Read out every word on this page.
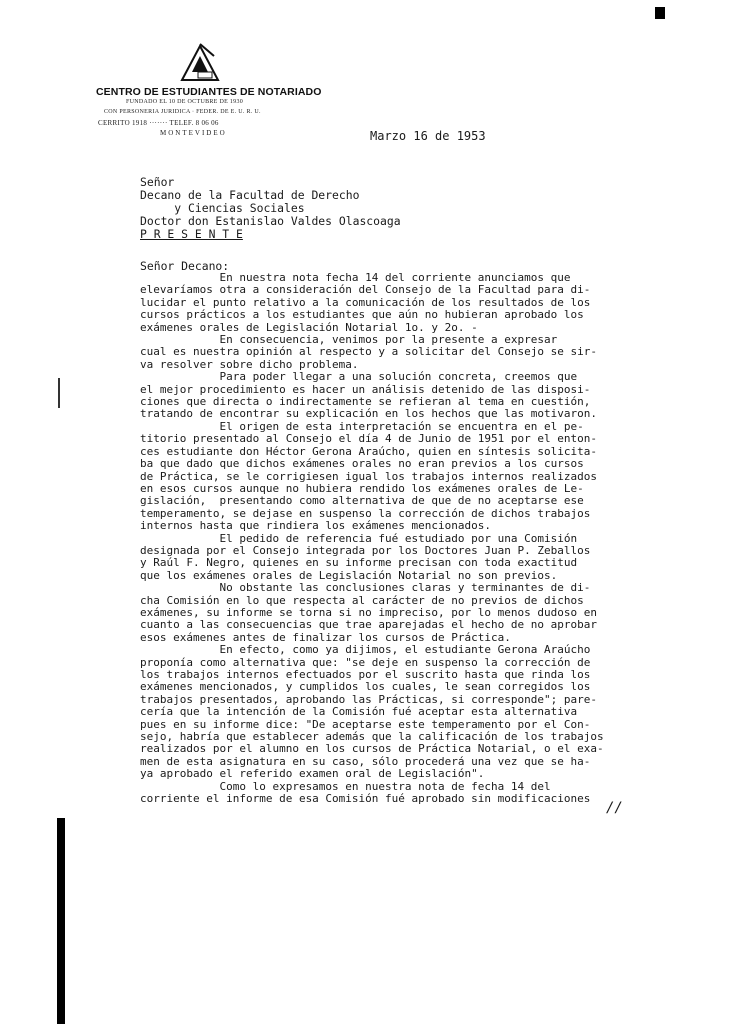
CENTRO DE ESTUDIANTES DE NOTARIADO
FUNDADO EL 10 DE OCTUBRE DE 1930
CON PERSONERIA JURIDICA · FEDER. DE E. U. R. U.
CERRITO 1918 ······· TELEF. 8 06 06
MONTEVIDEO	Marzo 16 de 1953
Señor
Decano de la Facultad de Derecho
y Ciencias Sociales
Doctor don Estanislao Valdes Olascoaga
P R E S E N T E
Señor Decano:

En nuestra nota fecha 14 del corriente anunciamos que

elevaríamos otra a consideración del Consejo de la Facultad para di-

lucidar el punto relativo a la comunicación de los resultados de los

cursos prácticos a los estudiantes que aún no hubieran aprobado los

exámenes orales de Legislación Notarial 1o. y 2o. -

En consecuencia, venimos por la presente a expresar

cual es nuestra opinión al respecto y a solicitar del Consejo se sir-

va resolver sobre dicho problema.

Para poder llegar a una solución concreta, creemos que

el mejor procedimiento es hacer un análisis detenido de las disposi-

ciones que directa o indirectamente se refieran al tema en cuestión,

tratando de encontrar su explicación en los hechos que las motivaron.

El origen de esta interpretación se encuentra en el pe-

titorio presentado al Consejo el día 4 de Junio de 1951 por el enton-

ces estudiante don Héctor Gerona Araúcho, quien en síntesis solicita-

ba que dado que dichos exámenes orales no eran previos a los cursos

de Práctica, se le corrigiesen igual los trabajos internos realizados

en esos cursos aunque no hubiera rendido los exámenes orales de Le-

gislación,  presentando como alternativa de que de no aceptarse ese

temperamento, se dejase en suspenso la corrección de dichos trabajos

internos hasta que rindiera los exámenes mencionados.

El pedido de referencia fué estudiado por una Comisión

designada por el Consejo integrada por los Doctores Juan P. Zeballos

y Raúl F. Negro, quienes en su informe precisan con toda exactitud

que los exámenes orales de Legislación Notarial no son previos.

No obstante las conclusiones claras y terminantes de di-

cha Comisión en lo que respecta al carácter de no previos de dichos

exámenes, su informe se torna si no impreciso, por lo menos dudoso en

cuanto a las consecuencias que trae aparejadas el hecho de no aprobar

esos exámenes antes de finalizar los cursos de Práctica.

En efecto, como ya dijimos, el estudiante Gerona Araúcho

proponía como alternativa que: "se deje en suspenso la corrección de

los trabajos internos efectuados por el suscrito hasta que rinda los

exámenes mencionados, y cumplidos los cuales, le sean corregidos los

trabajos presentados, aprobando las Prácticas, si corresponde"; pare-

cería que la intención de la Comisión fué aceptar esta alternativa

pues en su informe dice: "De aceptarse este temperamento por el Con-

sejo, habría que establecer además que la calificación de los trabajos

realizados por el alumno en los cursos de Práctica Notarial, o el exa-

men de esta asignatura en su caso, sólo procederá una vez que se ha-

ya aprobado el referido examen oral de Legislación".

Como lo expresamos en nuestra nota de fecha 14 del

corriente el informe de esa Comisión fué aprobado sin modificaciones

//
